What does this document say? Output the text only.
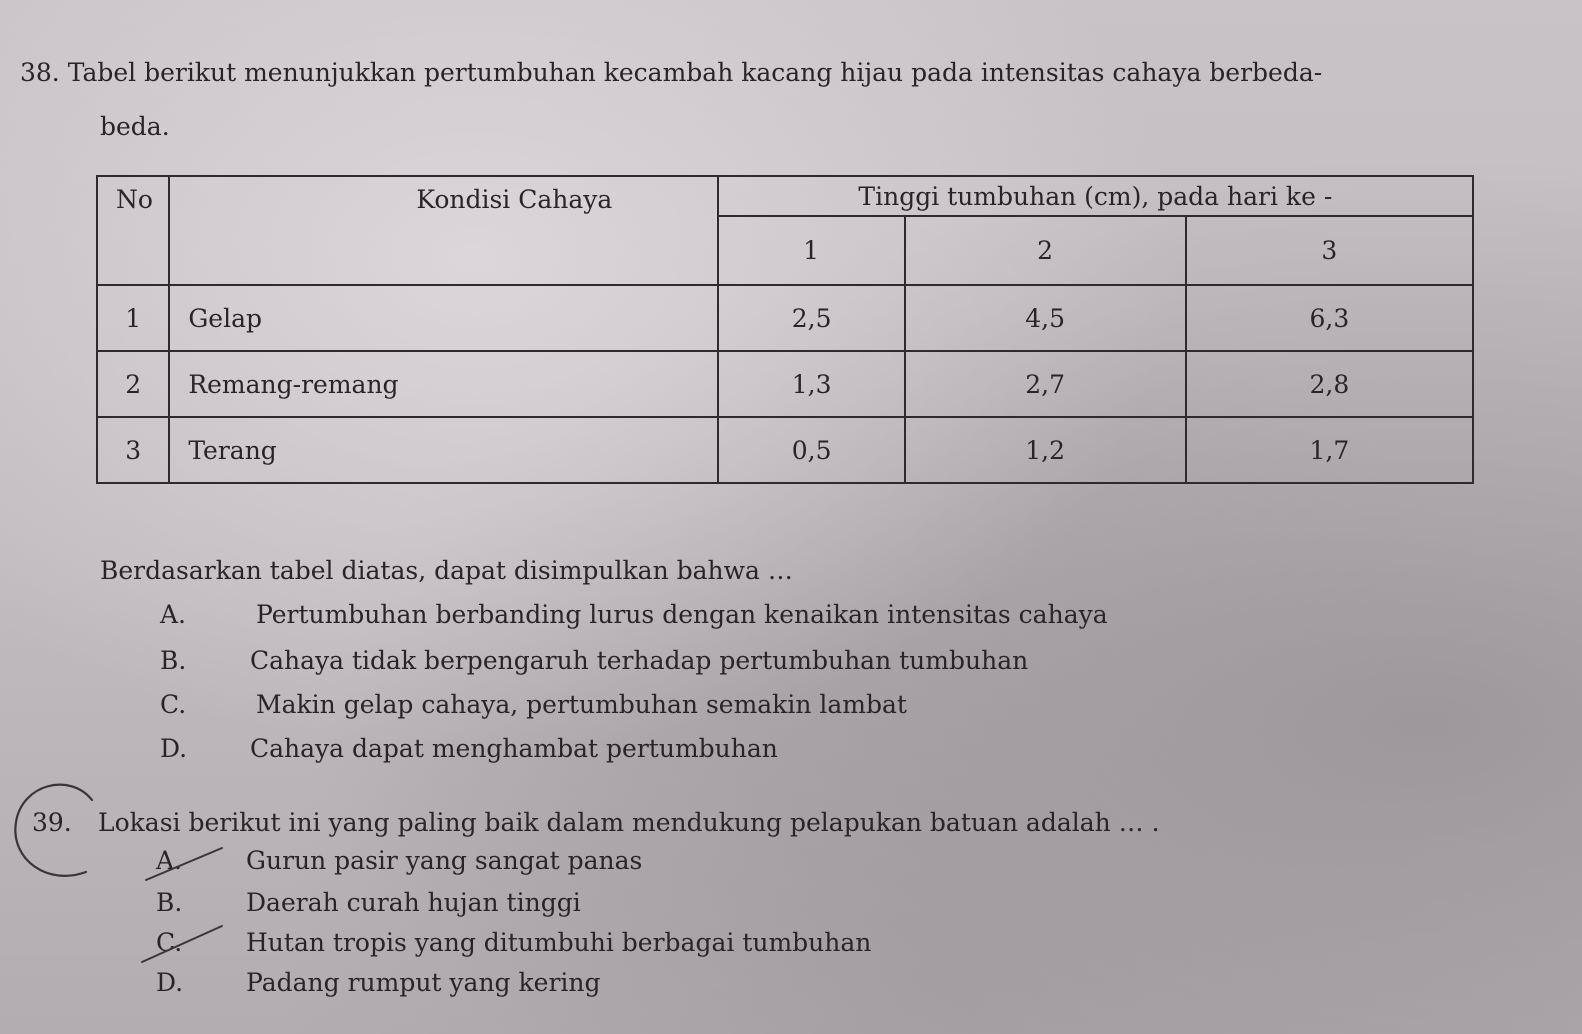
38. Tabel berikut menunjukkan pertumbuhan kecambah kacang hijau pada intensitas cahaya berbeda-
beda.
No	Kondisi Cahaya	Tinggi tumbuhan (cm), pada hari ke -		
		1	2	3
1	Gelap	2,5	4,5	6,3
2	Remang-remang	1,3	2,7	2,8
3	Terang	0,5	1,2	1,7
Berdasarkan tabel diatas, dapat disimpulkan bahwa …
A.	Pertumbuhan berbanding lurus dengan kenaikan intensitas cahaya
B.	Cahaya tidak berpengaruh terhadap pertumbuhan tumbuhan
C.	Makin gelap cahaya, pertumbuhan semakin lambat
D.	Cahaya dapat menghambat pertumbuhan
39. Lokasi berikut ini yang paling baik dalam mendukung pelapukan batuan adalah … .
A.	Gurun pasir yang sangat panas
B.	Daerah curah hujan tinggi
C.	Hutan tropis yang ditumbuhi berbagai tumbuhan
D.	Padang rumput yang kering
